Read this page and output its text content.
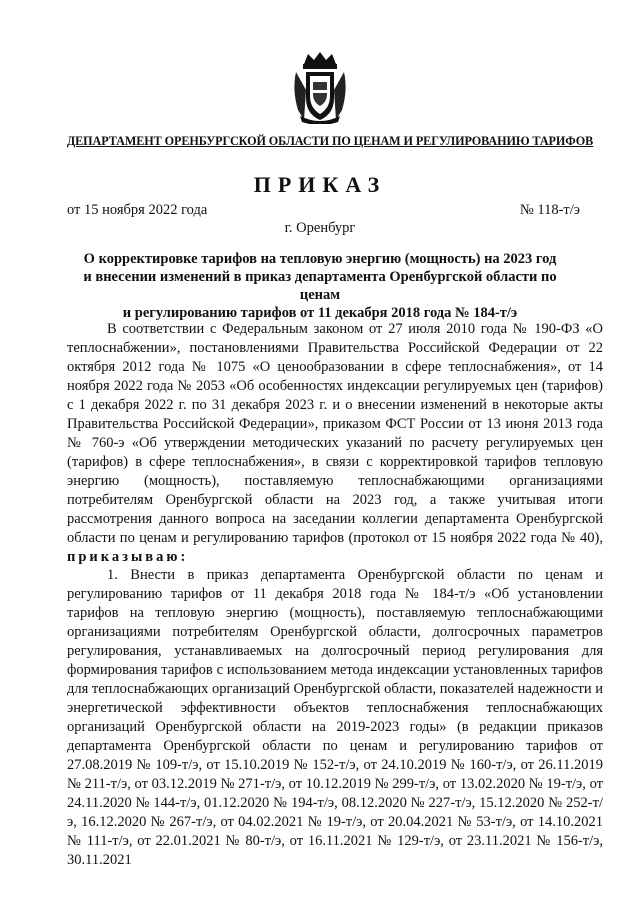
ДЕПАРТАМЕНТ ОРЕНБУРГСКОЙ ОБЛАСТИ ПО ЦЕНАМ И РЕГУЛИРОВАНИЮ ТАРИФОВ
ПРИКАЗ
от 15 ноября 2022 года	№ 118-т/э
г. Оренбург
О корректировке тарифов на тепловую энергию (мощность) на 2023 год
и внесении изменений в приказ департамента Оренбургской области по ценам
и регулированию тарифов от 11 декабря 2018 года № 184-т/э

В соответствии с Федеральным законом от 27 июля 2010 года № 190-ФЗ «О теплоснабжении», постановлениями Правительства Российской Федерации от 22 октября 2012 года № 1075 «О ценообразовании в сфере теплоснабжения», от 14 ноября 2022 года № 2053 «Об особенностях индексации регулируемых цен (тарифов) с 1 декабря 2022 г. по 31 декабря 2023 г. и о внесении изменений в некоторые акты Правительства Российской Федерации», приказом ФСТ России от 13 июня 2013 года № 760-э «Об утверждении методических указаний по расчету регулируемых цен (тарифов) в сфере теплоснабжения», в связи с корректировкой тарифов тепловую энергию (мощность), поставляемую теплоснабжающими организациями потребителям Оренбургской области на 2023 год, а также учитывая итоги рассмотрения данного вопроса на заседании коллегии департамента Оренбургской области по ценам и регулированию тарифов (протокол от 15 ноября 2022 года № 40), приказываю:

1. Внести в приказ департамента Оренбургской области по ценам и регулированию тарифов от 11 декабря 2018 года № 184-т/э «Об установлении тарифов на тепловую энергию (мощность), поставляемую теплоснабжающими организациями потребителям Оренбургской области, долгосрочных параметров регулирования, устанавливаемых на долгосрочный период регулирования для формирования тарифов с использованием метода индексации установленных тарифов для теплоснабжающих организаций Оренбургской области, показателей надежности и энергетической эффективности объектов теплоснабжения теплоснабжающих организаций Оренбургской области на 2019-2023 годы» (в редакции приказов департамента Оренбургской области по ценам и регулированию тарифов от 27.08.2019 № 109-т/э, от 15.10.2019 № 152-т/э, от 24.10.2019 № 160-т/э, от 26.11.2019 № 211-т/э, от 03.12.2019 № 271-т/э, от 10.12.2019 № 299-т/э, от 13.02.2020 № 19-т/э, от 24.11.2020 № 144-т/э, 01.12.2020 № 194-т/э, 08.12.2020 № 227-т/э, 15.12.2020 № 252-т/э, 16.12.2020 № 267-т/э, от 04.02.2021 № 19-т/э, от 20.04.2021 № 53-т/э, от 14.10.2021 № 111-т/э, от 22.01.2021 № 80-т/э, от 16.11.2021 № 129-т/э, от 23.11.2021 № 156-т/э, 30.11.2021
